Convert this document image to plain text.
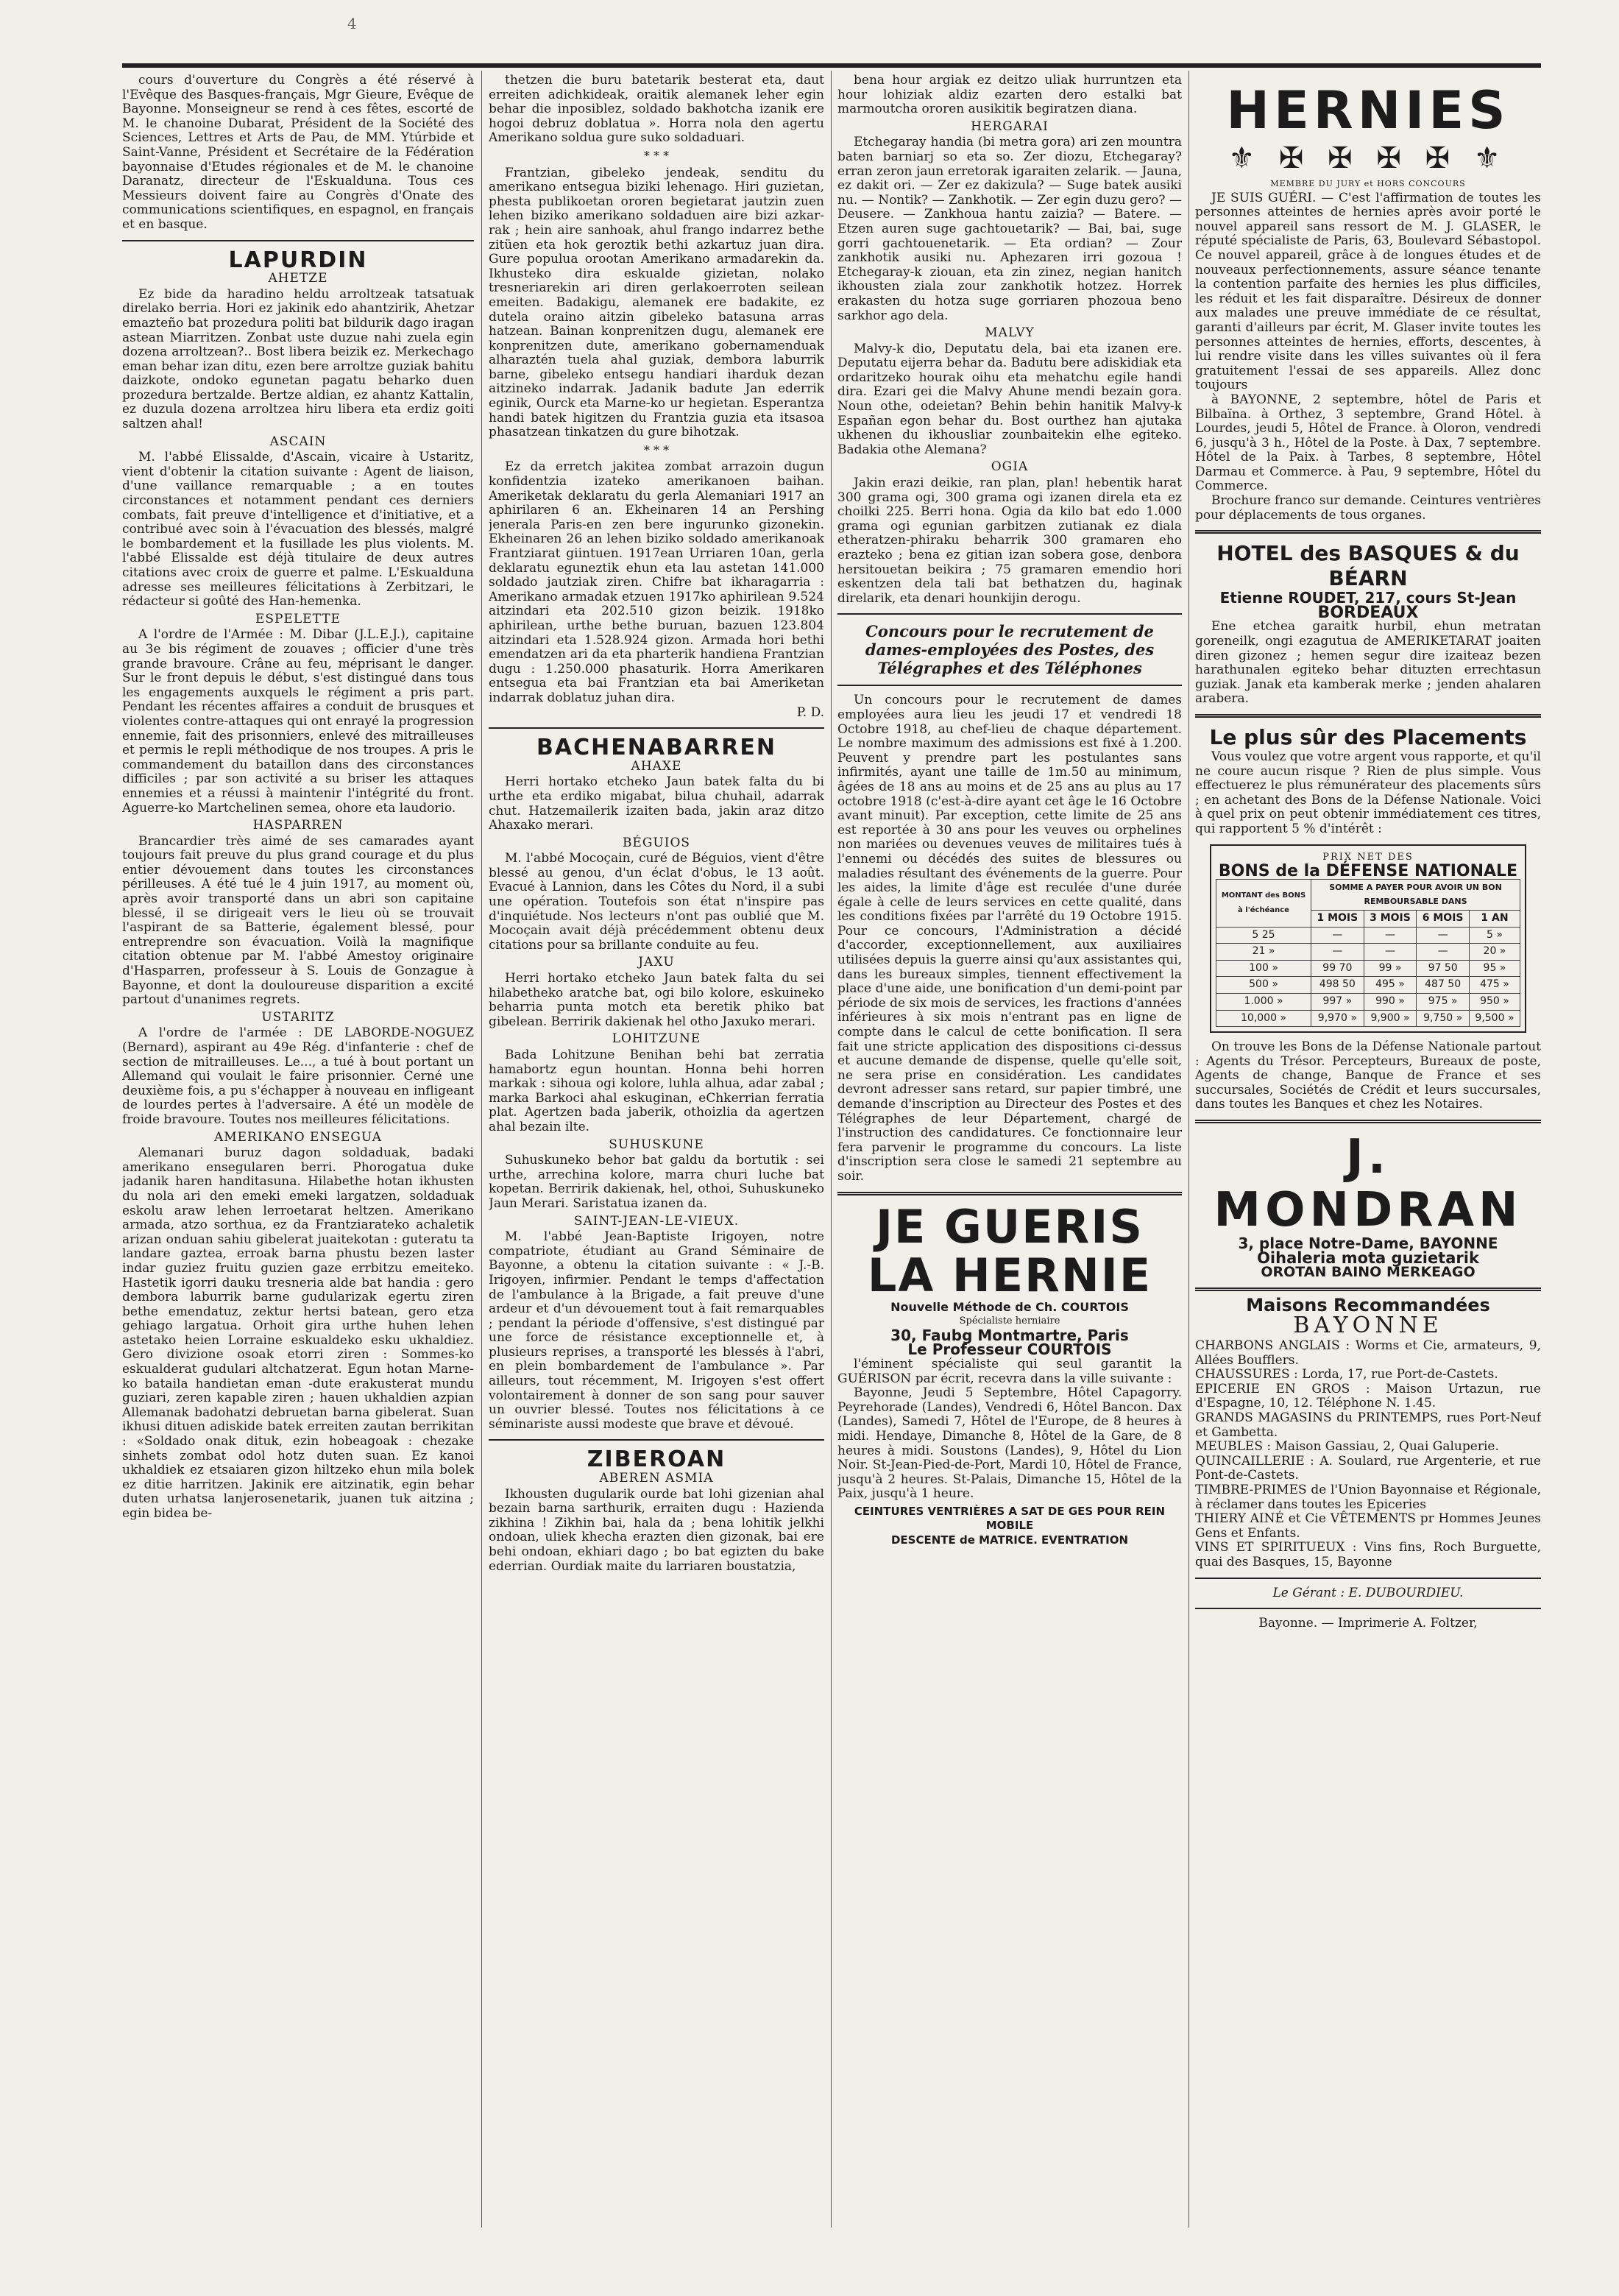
4

cours d'ouverture du Congrès a été réservé à l'Evêque des Basques-français, Mgr Gieure, Evêque de Bayonne. Monseigneur se rend à ces fêtes, escorté de M. le chanoine Dubarat, Président de la Société des Sciences, Lettres et Arts de Pau, de MM. Ytúrbide et Saint-Vanne, Président et Secrétaire de la Fédération bayonnaise d'Etudes régionales et de M. le chanoine Daranatz, directeur de l'Eskualduna. Tous ces Messieurs doivent faire au Congrès d'Onate des communications scientifiques, en espagnol, en français et en basque.

LAPURDIN
AHETZE

Ez bide da haradino heldu arroltzeak tatsatuak direlako berria. Hori ez jakinik edo ahantzirik, Ahetzar emazteño bat prozedura politi bat bildurik dago iragan astean Miarritzen. Zonbat uste duzue nahi zuela egin dozena arroltzean?.. Bost libera beizik ez. Merkechago eman behar izan ditu, ezen bere arroltze guziak bahitu daizkote, ondoko egunetan pagatu beharko duen prozedura bertzalde. Bertze aldian, ez ahantz Kattalin, ez duzula dozena arroltzea hiru libera eta erdiz goiti saltzen ahal!

ASCAIN

M. l'abbé Elissalde, d'Ascain, vicaire à Ustaritz, vient d'obtenir la citation suivante : Agent de liaison, d'une vaillance remarquable ; a en toutes circonstances et notamment pendant ces derniers combats, fait preuve d'intelligence et d'initiative, et a contribué avec soin à l'évacuation des blessés, malgré le bombardement et la fusillade les plus violents. M. l'abbé Elissalde est déjà titulaire de deux autres citations avec croix de guerre et palme. L'Eskualduna adresse ses meilleures félicitations à Zerbitzari, le rédacteur si goûté des Han-hemenka.

ESPELETTE

A l'ordre de l'Armée : M. Dibar (J.L.E.J.), capitaine au 3e bis régiment de zouaves ; officier d'une très grande bravoure. Crâne au feu, méprisant le danger. Sur le front depuis le début, s'est distingué dans tous les engagements auxquels le régiment a pris part. Pendant les récentes affaires a conduit de brusques et violentes contre-attaques qui ont enrayé la progression ennemie, fait des prisonniers, enlevé des mitrailleuses et permis le repli méthodique de nos troupes. A pris le commandement du bataillon dans des circonstances difficiles ; par son activité a su briser les attaques ennemies et a réussi à maintenir l'intégrité du front. Aguerre-ko Martchelinen semea, ohore eta laudorio.

HASPARREN

Brancardier très aimé de ses camarades ayant toujours fait preuve du plus grand courage et du plus entier dévouement dans toutes les circonstances périlleuses. A été tué le 4 juin 1917, au moment où, après avoir transporté dans un abri son capitaine blessé, il se dirigeait vers le lieu où se trouvait l'aspirant de sa Batterie, également blessé, pour entreprendre son évacuation. Voilà la magnifique citation obtenue par M. l'abbé Amestoy originaire d'Hasparren, professeur à S. Louis de Gonzague à Bayonne, et dont la douloureuse disparition a excité partout d'unanimes regrets.

USTARITZ

A l'ordre de l'armée : DE LABORDE-NOGUEZ (Bernard), aspirant au 49e Rég. d'infanterie : chef de section de mitrailleuses. Le..., a tué à bout portant un Allemand qui voulait le faire prisonnier. Cerné une deuxième fois, a pu s'échapper à nouveau en infligeant de lourdes pertes à l'adversaire. A été un modèle de froide bravoure. Toutes nos meilleures félicitations.

AMERIKANO ENSEGUA

Alemanari buruz dagon soldaduak, badaki amerikano ensegularen berri. Phorogatua duke jadanik haren handitasuna. Hilabethe hotan ikhusten du nola ari den emeki emeki largatzen, soldaduak eskolu araw lehen lerroetarat heltzen. Amerikano armada, atzo sorthua, ez da Frantziarateko achaletik arizan onduan sahiu gibelerat juaitekotan : guteratu ta landare gaztea, erroak barna phustu bezen laster indar guziez fruitu guzien gaze errbitzu emeiteko. Hastetik igorri dauku tresneria alde bat handia : gero dembora laburrik barne gudularizak egertu ziren bethe emendatuz, zektur hertsi batean, gero etza gehiago largatua. Orhoit gira urthe huhen lehen astetako heien Lorraine eskualdeko esku ukhaldiez. Gero divizione osoak etorri ziren : Sommes-ko eskualderat gudulari altchatzerat. Egun hotan Marne-ko bataila handietan eman -dute erakusterat mundu guziari, zeren kapable ziren ; hauen ukhaldien azpian Allemanak badohatzi debruetan barna gibelerat. Suan ikhusi dituen adiskide batek erreiten zautan berrikitan : «Soldado onak dituk, ezin hobeagoak : chezake sinhets zombat odol hotz duten suan. Ez kanoi ukhaldiek ez etsaiaren gizon hiltzeko ehun mila bolek ez ditie harritzen. Jakinik ere aitzinatik, egin behar duten urhatsa lanjerosenetarik, juanen tuk aitzina ; egin bidea be-

thetzen die buru batetarik besterat eta, daut erreiten adichkideak, oraitik alemanek leher egin behar die inposiblez, soldado bakhotcha izanik ere hogoi debruz doblatua ». Horra nola den agertu Amerikano soldua gure suko soldaduari.

* * *

Frantzian, gibeleko jendeak, senditu du amerikano entsegua biziki lehenago. Hiri guzietan, phesta publikoetan ororen begietarat jautzin zuen lehen biziko amerikano soldaduen aire bizi azkar-rak ; hein aire sanhoak, ahul frango indarrez bethe zitüen eta hok geroztik bethi azkartuz juan dira. Gure populua orootan Amerikano armadarekin da. Ikhusteko dira eskualde gizietan, nolako tresneriarekin ari diren gerlakoerroten seilean emeiten. Badakigu, alemanek ere badakite, ez dutela oraino aitzin gibeleko batasuna arras hatzean. Bainan konprenitzen dugu, alemanek ere konprenitzen dute, amerikano gobernamenduak alharaztén tuela ahal guziak, dembora laburrik barne, gibeleko entsegu handiari iharduk dezan aitzineko indarrak. Jadanik badute Jan ederrik eginik, Ourck eta Marne-ko ur hegietan. Esperantza handi batek higitzen du Frantzia guzia eta itsasoa phasatzean tinkatzen du gure bihotzak.

* * *

Ez da erretch jakitea zombat arrazoin dugun konfidentzia izateko amerikanoen baihan. Ameriketak deklaratu du gerla Alemaniari 1917 an aphirilaren 6 an. Ekheinaren 14 an Pershing jeneralа Paris-en zen bere ingurunko gizonekin. Ekheinaren 26 an lehen biziko soldado amerikanoak Frantziarat giintuen. 1917ean Urriaren 10an, gerla deklaratu eguneztik ehun eta lau astetan 141.000 soldado jautziak ziren. Chifre bat ikharagarria : Amerikano armadak etzuen 1917ko aphirilean 9.524 aitzindari eta 202.510 gizon beizik. 1918ko aphirilean, urthe bethe buruan, bazuen 123.804 aitzindari eta 1.528.924 gizon. Armada hori bethi emendatzen ari da eta pharterik handiena Frantzian dugu : 1.250.000 phasaturik. Horra Amerikaren entsegua eta bai Frantzian eta bai Ameriketan indarrak doblatuz juhan dira.

P. D.

BACHENABARREN
AHAXE

Herri hortako etcheko Jaun batek falta du bi urthe eta erdiko migabat, bilua chuhail, adarrak chut. Hatzemailerik izaiten bada, jakin araz ditzo Ahaxako merari.

BÉGUIOS

M. l'abbé Mocoçain, curé de Béguios, vient d'être blessé au genou, d'un éclat d'obus, le 13 août. Evacué à Lannion, dans les Côtes du Nord, il a subi une opération. Toutefois son état n'inspire pas d'inquiétude. Nos lecteurs n'ont pas oublié que M. Mocoçain avait déjà précédemment obtenu deux citations pour sa brillante conduite au feu.

JAXU

Herri hortako etcheko Jaun batek falta du sei hilabetheko aratche bat, ogi bilo kolore, eskuineko beharria punta motch eta beretik phiko bat gibelean. Berririk dakienak hel otho Jaxuko merari.

LOHITZUNE

Bada Lohitzune Benihan behi bat zerratia hamabortz egun hountan. Honna behi horren markak : sihoua ogi kolore, luhla alhua, adar zabal ; marka Barkoci ahal eskuginan, eChkerrian ferratia plat. Agertzen bada jaberik, othoizlia da agertzen ahal bezain ilte.

SUHUSKUNE

Suhuskuneko behor bat galdu da bortutik : sei urthe, arrechina kolore, marra churi luche bat kopetan. Berririk dakienak, hel, othoi, Suhuskuneko Jaun Merari. Saristatua izanen da.

SAINT-JEAN-LE-VIEUX.

M. l'abbé Jean-Baptiste Irigoyen, notre compatriote, étudiant au Grand Séminaire de Bayonne, a obtenu la citation suivante : « J.-B. Irigoyen, infirmier. Pendant le temps d'affectation de l'ambulance à la Brigade, a fait preuve d'une ardeur et d'un dévouement tout à fait remarquables ; pendant la période d'offensive, s'est distingué par une force de résistance exceptionnelle et, à plusieurs reprises, a transporté les blessés à l'abri, en plein bombardement de l'ambulance ». Par ailleurs, tout récemment, M. Irigoyen s'est offert volontairement à donner de son sang pour sauver un ouvrier blessé. Toutes nos félicitations à ce séminariste aussi modeste que brave et dévoué.

ZIBEROAN
ABEREN ASMIA

Ikhousten dugularik ourde bat lohi gizenian ahal bezain barna sarthurik, erraiten dugu : Hazienda zikhina ! Zikhin bai, hala da ; bena lohitik jelkhi ondoan, uliek khecha erazten dien gizonak, bai ere behi ondoan, ekhiari dago ; bo bat egizten du bake ederrian. Ourdiak maite du larriaren boustatzia,

bena hour argiak ez deitzo uliak hurruntzen eta hour lohiziak aldiz ezarten dero estalki bat marmoutcha ororen ausikitik begiratzen diana.

HERGARAI

Etchegaray handia (bi metra gora) ari zen mountra baten barniarj so eta so. Zer diozu, Etchegaray? erran zeron jaun erretorak igaraiten zelarik. — Jauna, ez dakit ori. — Zer ez dakizula? — Suge batek ausiki nu. — Nontik? — Zankhotik. — Zer egin duzu gero? — Deusere. — Zankhoua hantu zaizia? — Batere. — Etzen auren suge gachtouetarik? — Bai, bai, suge gorri gachtouenetarik. — Eta ordian? — Zour zankhotik ausiki nu. Aphezaren irri gozoua ! Etchegaray-k ziouan, eta zin zinez, negian hanitch ikhousten ziala zour zankhotik hotzez. Horrek erakasten du hotza suge gorriaren phozoua beno sarkhor ago dela.

MALVY

Malvy-k dio, Deputatu dela, bai eta izanen ere. Deputatu eijerra behar da. Badutu bere adiskidiak eta ordaritzeko hourak oihu eta mehatchu egile handi dira. Ezari gei die Malvy Ahune mendi bezain gora. Noun othe, odeietan? Behin behin hanitik Malvy-k Españan egon behar du. Bost ourthez han ajutaka ukhenen du ikhousliar zounbaitekin elhe egiteko. Badakia othe Alemana?

OGIA

Jakin erazi deikie, ran plan, plan! hebentik harat 300 grama ogi, 300 grama ogi izanen direla eta ez choilki 225. Berri hona. Ogia da kilo bat edo 1.000 grama ogi egunian garbitzen zutianak ez diala etheratzen-phiraku beharrik 300 gramaren eho erazteko ; bena ez gitian izan sobera gose, denbora hersitouetan beikira ; 75 gramaren emendio hori eskentzen dela tali bat bethatzen du, haginak direlarik, eta denari hounkijin derogu.

Concours pour le recrutement de dames-employées des Postes, des Télégraphes et des Téléphones

Un concours pour le recrutement de dames employées aura lieu les jeudi 17 et vendredi 18 Octobre 1918, au chef-lieu de chaque département. Le nombre maximum des admissions est fixé à 1.200. Peuvent y prendre part les postulantes sans infirmités, ayant une taille de 1m.50 au minimum, âgées de 18 ans au moins et de 25 ans au plus au 17 octobre 1918 (c'est-à-dire ayant cet âge le 16 Octobre avant minuit). Par exception, cette limite de 25 ans est reportée à 30 ans pour les veuves ou orphelines non mariées ou devenues veuves de militaires tués à l'ennemi ou décédés des suites de blessures ou maladies résultant des événements de la guerre. Pour les aides, la limite d'âge est reculée d'une durée égale à celle de leurs services en cette qualité, dans les conditions fixées par l'arrêté du 19 Octobre 1915. Pour ce concours, l'Administration a décidé d'accorder, exceptionnellement, aux auxiliaires utilisées depuis la guerre ainsi qu'aux assistantes qui, dans les bureaux simples, tiennent effectivement la place d'une aide, une bonification d'un demi-point par période de six mois de services, les fractions d'années inférieures à six mois n'entrant pas en ligne de compte dans le calcul de cette bonification. Il sera fait une stricte application des dispositions ci-dessus et aucune demande de dispense, quelle qu'elle soit, ne sera prise en considération. Les candidates devront adresser sans retard, sur papier timbré, une demande d'inscription au Directeur des Postes et des Télégraphes de leur Département, chargé de l'instruction des candidatures. Ce fonctionnaire leur fera parvenir le programme du concours. La liste d'inscription sera close le samedi 21 septembre au soir.

JE GUERIS
LA HERNIE
Nouvelle Méthode de Ch. COURTOIS
Spécialiste herniaire
30, Faubg Montmartre, Paris
Le Professeur COURTOIS

l'éminent spécialiste qui seul garantit la GUÉRISON par écrit, recevra dans la ville suivante :

Bayonne, Jeudi 5 Septembre, Hôtel Capagorry. Peyrehorade (Landes), Vendredi 6, Hôtel Bancon. Dax (Landes), Samedi 7, Hôtel de l'Europe, de 8 heures à midi. Hendaye, Dimanche 8, Hôtel de la Gare, de 8 heures à midi. Soustons (Landes), 9, Hôtel du Lion Noir. St-Jean-Pied-de-Port, Mardi 10, Hôtel de France, jusqu'à 2 heures. St-Palais, Dimanche 15, Hôtel de la Paix, jusqu'à 1 heure.

CEINTURES VENTRIÈRES A SAT DE GES POUR REIN MOBILE
DESCENTE de MATRICE. EVENTRATION
HERNIES
⚜ ✠ ✠ ✠ ✠ ⚜
MEMBRE DU JURY et HORS CONCOURS

JE SUIS GUÉRI. — C'est l'affirmation de toutes les personnes atteintes de hernies après avoir porté le nouvel appareil sans ressort de M. J. GLASER, le réputé spécialiste de Paris, 63, Boulevard Sébastopol. Ce nouvel appareil, grâce à de longues études et de nouveaux perfectionnements, assure séance tenante la contention parfaite des hernies les plus difficiles, les réduit et les fait disparaître. Désireux de donner aux malades une preuve immédiate de ce résultat, garanti d'ailleurs par écrit, M. Glaser invite toutes les personnes atteintes de hernies, efforts, descentes, à lui rendre visite dans les villes suivantes où il fera gratuitement l'essai de ses appareils. Allez donc toujours

à BAYONNE, 2 septembre, hôtel de Paris et Bilbaïna. à Orthez, 3 septembre, Grand Hôtel. à Lourdes, jeudi 5, Hôtel de France. à Oloron, vendredi 6, jusqu'à 3 h., Hôtel de la Poste. à Dax, 7 septembre. Hôtel de la Paix. à Tarbes, 8 septembre, Hôtel Darmau et Commerce. à Pau, 9 septembre, Hôtel du Commerce.

Brochure franco sur demande. Ceintures ventrières pour déplacements de tous organes.

HOTEL des BASQUES & du BÉARN
Etienne ROUDET, 217, cours St-Jean
BORDEAUX

Ene etchea garaitk hurbil, ehun metratan goreneilk, ongi ezagutua de AMERIKETARAT joaiten diren gizonez ; hemen segur dire izaiteaz bezen harathunalen egiteko behar dituzten errechtasun guziak. Janak eta kamberak merke ; jenden ahalaren arabera.

Le plus sûr des Placements

Vous voulez que votre argent vous rapporte, et qu'il ne coure aucun risque ? Rien de plus simple. Vous effectuerez le plus rémunérateur des placements sûrs ; en achetant des Bons de la Défense Nationale. Voici à quel prix on peut obtenir immédiatement ces titres, qui rapportent 5 % d'intérêt :

PRIX NET DES
BONS de la DÉFENSE NATIONALE
MONTANT des BONS à l'échéance	SOMME A PAYER POUR AVOIR UN BON REMBOURSABLE DANS			
	1 MOIS	3 MOIS	6 MOIS	1 AN
5 25	—	—	—	5 »
21 »	—	—	—	20 »
100 »	99 70	99 »	97 50	95 »
500 »	498 50	495 »	487 50	475 »
1.000 »	997 »	990 »	975 »	950 »
10,000 »	9,970 »	9,900 »	9,750 »	9,500 »

On trouve les Bons de la Défense Nationale partout : Agents du Trésor. Percepteurs, Bureaux de poste, Agents de change, Banque de France et ses succursales, Sociétés de Crédit et leurs succursales, dans toutes les Banques et chez les Notaires.

J. MONDRAN
3, place Notre-Dame, BAYONNE
Oihaleria mota guzietarik
OROTAN BAINO MERKEAGO
Maisons Recommandées
BAYONNE
CHARBONS ANGLAIS : Worms et Cie, armateurs, 9, Allées Boufflers.
CHAUSSURES : Lorda, 17, rue Port-de-Castets.
EPICERIE EN GROS : Maison Urtazun, rue d'Espagne, 10, 12. Téléphone N. 1.45.
GRANDS MAGASINS du PRINTEMPS, rues Port-Neuf et Gambetta.
MEUBLES : Maison Gassiau, 2, Quai Galuperie.
QUINCAILLERIE : A. Soulard, rue Argenterie, et rue Pont-de-Castets.
TIMBRE-PRIMES de l'Union Bayonnaise et Régionale, à réclamer dans toutes les Epiceries
THIERY AINÉ et Cie VÊTEMENTS pr Hommes Jeunes Gens et Enfants.
VINS ET SPIRITUEUX : Vins fins, Roch Burguette, quai des Basques, 15, Bayonne
Le Gérant : E. DUBOURDIEU.
Bayonne. — Imprimerie A. Foltzer,
